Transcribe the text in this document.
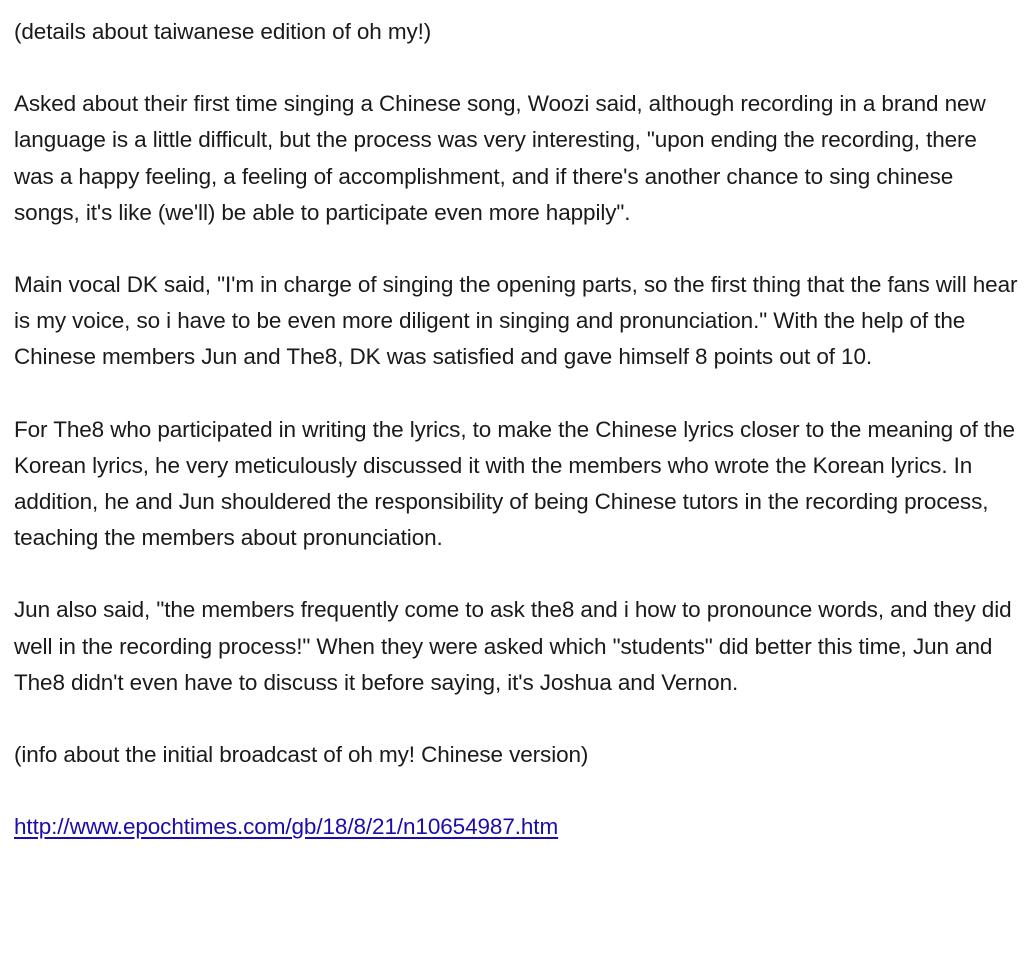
(details about taiwanese edition of oh my!)

Asked about their first time singing a Chinese song, Woozi said, although recording in a brand new language is a little difficult, but the process was very interesting, "upon ending the recording, there was a happy feeling, a feeling of accomplishment, and if there's another chance to sing chinese songs, it's like (we'll) be able to participate even more happily".

Main vocal DK said, "I'm in charge of singing the opening parts, so the first thing that the fans will hear is my voice, so i have to be even more diligent in singing and pronunciation." With the help of the Chinese members Jun and The8, DK was satisfied and gave himself 8 points out of 10.

For The8 who participated in writing the lyrics, to make the Chinese lyrics closer to the meaning of the Korean lyrics, he very meticulously discussed it with the members who wrote the Korean lyrics. In addition, he and Jun shouldered the responsibility of being Chinese tutors in the recording process, teaching the members about pronunciation.

Jun also said, "the members frequently come to ask the8 and i how to pronounce words, and they did well in the recording process!" When they were asked which "students" did better this time, Jun and The8 didn't even have to discuss it before saying, it's Joshua and Vernon.

(info about the initial broadcast of oh my! Chinese version)

http://www.epochtimes.com/gb/18/8/21/n10654987.htm
